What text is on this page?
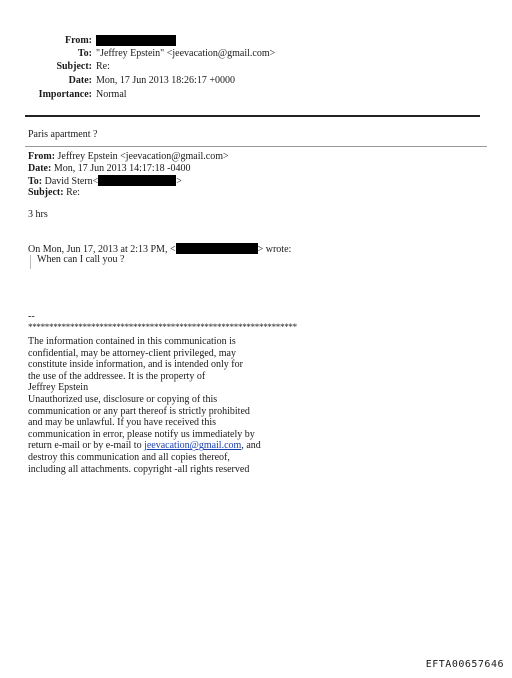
From:
To: "Jeffrey Epstein" <jeevacation@gmail.com>
Subject: Re:
Date: Mon, 17 Jun 2013 18:26:17 +0000
Importance: Normal
Paris apartment ?
From: Jeffrey Epstein <jeevacation@gmail.com>
Date: Mon, 17 Jun 2013 14:17:18 -0400
To: David Stern<	>
Subject: Re:
3 hrs
On Mon, Jun 17, 2013 at 2:13 PM, <	> wrote:
When can I call you ?
--
****************************************************************
The information contained in this communication is
confidential, may be attorney-client privileged, may
constitute inside information, and is intended only for
the use of the addressee. It is the property of
Jeffrey Epstein
Unauthorized use, disclosure or copying of this
communication or any part thereof is strictly prohibited
and may be unlawful. If you have received this
communication in error, please notify us immediately by
return e-mail or by e-mail to jeevacation@gmail.com, and
destroy this communication and all copies thereof,
including all attachments. copyright -all rights reserved
EFTA00657646
